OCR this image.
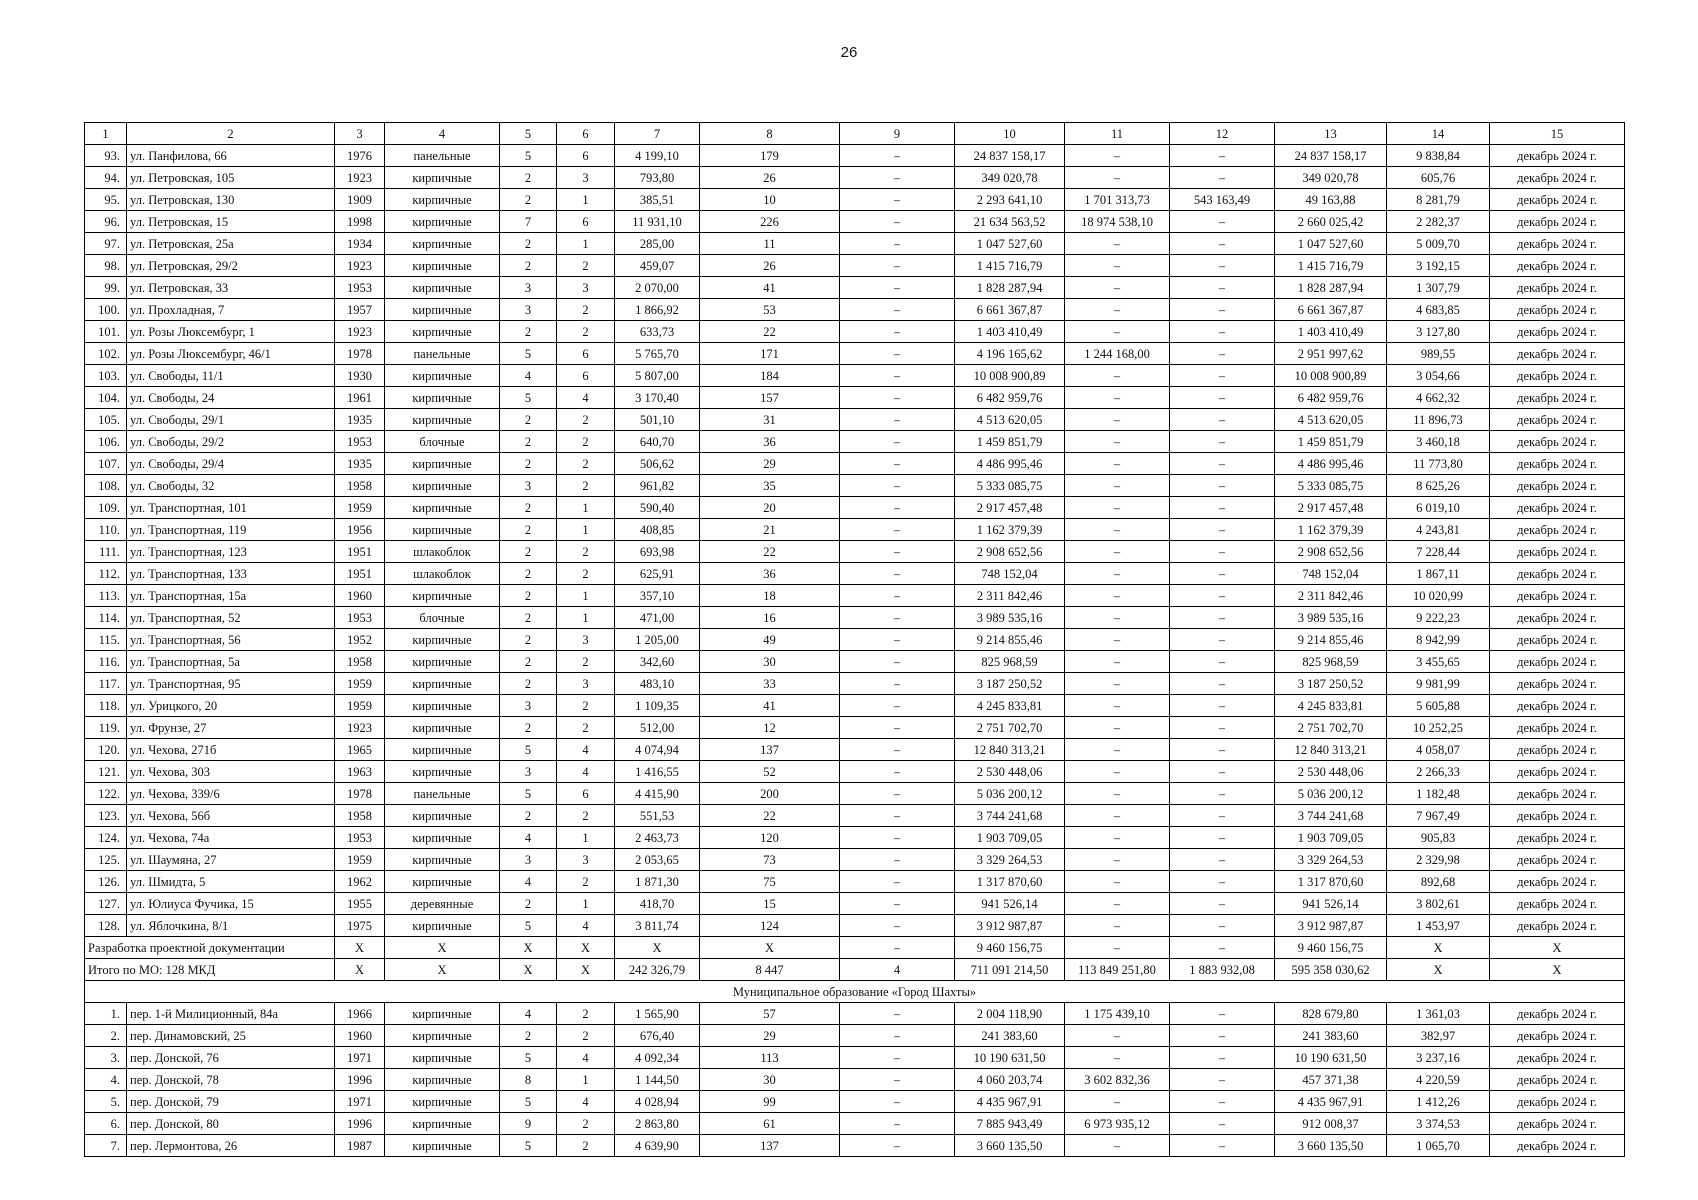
26
1	2	3	4	5	6	7	8	9	10	11	12	13	14	15
93.	ул. Панфилова, 66	1976	панельные	5	6	4 199,10	179	–	24 837 158,17	–	–	24 837 158,17	9 838,84	декабрь 2024 г.
94.	ул. Петровская, 105	1923	кирпичные	2	3	793,80	26	–	349 020,78	–	–	349 020,78	605,76	декабрь 2024 г.
95.	ул. Петровская, 130	1909	кирпичные	2	1	385,51	10	–	2 293 641,10	1 701 313,73	543 163,49	49 163,88	8 281,79	декабрь 2024 г.
96.	ул. Петровская, 15	1998	кирпичные	7	6	11 931,10	226	–	21 634 563,52	18 974 538,10	–	2 660 025,42	2 282,37	декабрь 2024 г.
97.	ул. Петровская, 25а	1934	кирпичные	2	1	285,00	11	–	1 047 527,60	–	–	1 047 527,60	5 009,70	декабрь 2024 г.
98.	ул. Петровская, 29/2	1923	кирпичные	2	2	459,07	26	–	1 415 716,79	–	–	1 415 716,79	3 192,15	декабрь 2024 г.
99.	ул. Петровская, 33	1953	кирпичные	3	3	2 070,00	41	–	1 828 287,94	–	–	1 828 287,94	1 307,79	декабрь 2024 г.
100.	ул. Прохладная, 7	1957	кирпичные	3	2	1 866,92	53	–	6 661 367,87	–	–	6 661 367,87	4 683,85	декабрь 2024 г.
101.	ул. Розы Люксембург, 1	1923	кирпичные	2	2	633,73	22	–	1 403 410,49	–	–	1 403 410,49	3 127,80	декабрь 2024 г.
102.	ул. Розы Люксембург, 46/1	1978	панельные	5	6	5 765,70	171	–	4 196 165,62	1 244 168,00	–	2 951 997,62	989,55	декабрь 2024 г.
103.	ул. Свободы, 11/1	1930	кирпичные	4	6	5 807,00	184	–	10 008 900,89	–	–	10 008 900,89	3 054,66	декабрь 2024 г.
104.	ул. Свободы, 24	1961	кирпичные	5	4	3 170,40	157	–	6 482 959,76	–	–	6 482 959,76	4 662,32	декабрь 2024 г.
105.	ул. Свободы, 29/1	1935	кирпичные	2	2	501,10	31	–	4 513 620,05	–	–	4 513 620,05	11 896,73	декабрь 2024 г.
106.	ул. Свободы, 29/2	1953	блочные	2	2	640,70	36	–	1 459 851,79	–	–	1 459 851,79	3 460,18	декабрь 2024 г.
107.	ул. Свободы, 29/4	1935	кирпичные	2	2	506,62	29	–	4 486 995,46	–	–	4 486 995,46	11 773,80	декабрь 2024 г.
108.	ул. Свободы, 32	1958	кирпичные	3	2	961,82	35	–	5 333 085,75	–	–	5 333 085,75	8 625,26	декабрь 2024 г.
109.	ул. Транспортная, 101	1959	кирпичные	2	1	590,40	20	–	2 917 457,48	–	–	2 917 457,48	6 019,10	декабрь 2024 г.
110.	ул. Транспортная, 119	1956	кирпичные	2	1	408,85	21	–	1 162 379,39	–	–	1 162 379,39	4 243,81	декабрь 2024 г.
111.	ул. Транспортная, 123	1951	шлакоблок	2	2	693,98	22	–	2 908 652,56	–	–	2 908 652,56	7 228,44	декабрь 2024 г.
112.	ул. Транспортная, 133	1951	шлакоблок	2	2	625,91	36	–	748 152,04	–	–	748 152,04	1 867,11	декабрь 2024 г.
113.	ул. Транспортная, 15а	1960	кирпичные	2	1	357,10	18	–	2 311 842,46	–	–	2 311 842,46	10 020,99	декабрь 2024 г.
114.	ул. Транспортная, 52	1953	блочные	2	1	471,00	16	–	3 989 535,16	–	–	3 989 535,16	9 222,23	декабрь 2024 г.
115.	ул. Транспортная, 56	1952	кирпичные	2	3	1 205,00	49	–	9 214 855,46	–	–	9 214 855,46	8 942,99	декабрь 2024 г.
116.	ул. Транспортная, 5а	1958	кирпичные	2	2	342,60	30	–	825 968,59	–	–	825 968,59	3 455,65	декабрь 2024 г.
117.	ул. Транспортная, 95	1959	кирпичные	2	3	483,10	33	–	3 187 250,52	–	–	3 187 250,52	9 981,99	декабрь 2024 г.
118.	ул. Урицкого, 20	1959	кирпичные	3	2	1 109,35	41	–	4 245 833,81	–	–	4 245 833,81	5 605,88	декабрь 2024 г.
119.	ул. Фрунзе, 27	1923	кирпичные	2	2	512,00	12	–	2 751 702,70	–	–	2 751 702,70	10 252,25	декабрь 2024 г.
120.	ул. Чехова, 271б	1965	кирпичные	5	4	4 074,94	137	–	12 840 313,21	–	–	12 840 313,21	4 058,07	декабрь 2024 г.
121.	ул. Чехова, 303	1963	кирпичные	3	4	1 416,55	52	–	2 530 448,06	–	–	2 530 448,06	2 266,33	декабрь 2024 г.
122.	ул. Чехова, 339/6	1978	панельные	5	6	4 415,90	200	–	5 036 200,12	–	–	5 036 200,12	1 182,48	декабрь 2024 г.
123.	ул. Чехова, 56б	1958	кирпичные	2	2	551,53	22	–	3 744 241,68	–	–	3 744 241,68	7 967,49	декабрь 2024 г.
124.	ул. Чехова, 74а	1953	кирпичные	4	1	2 463,73	120	–	1 903 709,05	–	–	1 903 709,05	905,83	декабрь 2024 г.
125.	ул. Шаумяна, 27	1959	кирпичные	3	3	2 053,65	73	–	3 329 264,53	–	–	3 329 264,53	2 329,98	декабрь 2024 г.
126.	ул. Шмидта, 5	1962	кирпичные	4	2	1 871,30	75	–	1 317 870,60	–	–	1 317 870,60	892,68	декабрь 2024 г.
127.	ул. Юлиуса Фучика, 15	1955	деревянные	2	1	418,70	15	–	941 526,14	–	–	941 526,14	3 802,61	декабрь 2024 г.
128.	ул. Яблочкина, 8/1	1975	кирпичные	5	4	3 811,74	124	–	3 912 987,87	–	–	3 912 987,87	1 453,97	декабрь 2024 г.
Разработка проектной документации		Х	Х	Х	Х	Х	Х	–	9 460 156,75	–	–	9 460 156,75	Х	Х
Итого по МО: 128 МКД		Х	Х	Х	Х	242 326,79	8 447	4	711 091 214,50	113 849 251,80	1 883 932,08	595 358 030,62	Х	Х
Муниципальное образование «Город Шахты»														
1.	пер. 1-й Милиционный, 84а	1966	кирпичные	4	2	1 565,90	57	–	2 004 118,90	1 175 439,10	–	828 679,80	1 361,03	декабрь 2024 г.
2.	пер. Динамовский, 25	1960	кирпичные	2	2	676,40	29	–	241 383,60	–	–	241 383,60	382,97	декабрь 2024 г.
3.	пер. Донской, 76	1971	кирпичные	5	4	4 092,34	113	–	10 190 631,50	–	–	10 190 631,50	3 237,16	декабрь 2024 г.
4.	пер. Донской, 78	1996	кирпичные	8	1	1 144,50	30	–	4 060 203,74	3 602 832,36	–	457 371,38	4 220,59	декабрь 2024 г.
5.	пер. Донской, 79	1971	кирпичные	5	4	4 028,94	99	–	4 435 967,91	–	–	4 435 967,91	1 412,26	декабрь 2024 г.
6.	пер. Донской, 80	1996	кирпичные	9	2	2 863,80	61	–	7 885 943,49	6 973 935,12	–	912 008,37	3 374,53	декабрь 2024 г.
7.	пер. Лермонтова, 26	1987	кирпичные	5	2	4 639,90	137	–	3 660 135,50	–	–	3 660 135,50	1 065,70	декабрь 2024 г.
